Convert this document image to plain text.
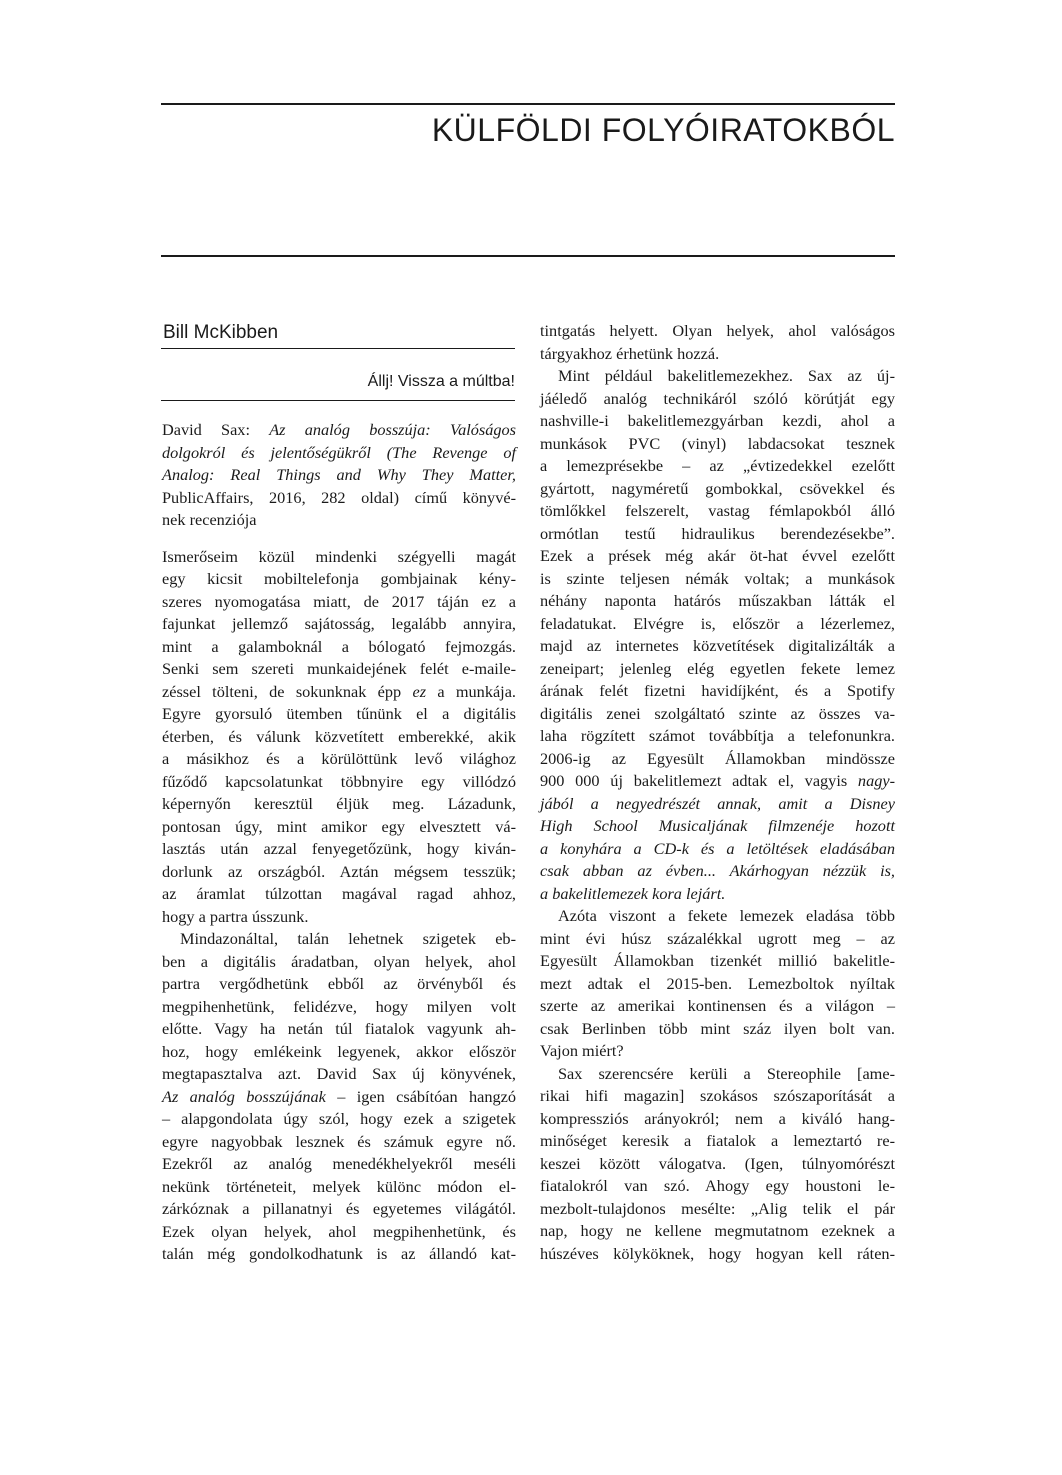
KÜLFÖLDI FOLYÓIRATOKBÓL
Bill McKibben
Állj! Vissza a múltba!
David Sax: Az analóg bosszúja: Valóságos
dolgokról és jelentőségükről (The Revenge of
Analog: Real Things and Why They Matter,
PublicAffairs, 2016, 282 oldal) című könyvé-
nek recenziója
Ismerőseim közül mindenki szégyelli magát
egy kicsit mobiltelefonja gombjainak kény-
szeres nyomogatása miatt, de 2017 táján ez a
fajunkat jellemző sajátosság, legalább annyira,
mint a galamboknál a bólogató fejmozgás.
Senki sem szereti munkaidejének felét e-maile-
zéssel tölteni, de sokunknak épp ez a munkája.
Egyre gyorsuló ütemben tűnünk el a digitális
éterben, és válunk közvetített emberekké, akik
a másikhoz és a körülöttünk levő világhoz
fűződő kapcsolatunkat többnyire egy villódzó
képernyőn keresztül éljük meg. Lázadunk,
pontosan úgy, mint amikor egy elvesztett vá-
lasztás után azzal fenyegetőzünk, hogy kiván-
dorlunk az országból. Aztán mégsem tesszük;
az áramlat túlzottan magával ragad ahhoz,
hogy a partra ússzunk.
Mindazonáltal, talán lehetnek szigetek eb-
ben a digitális áradatban, olyan helyek, ahol
partra vergődhetünk ebből az örvényből és
megpihenhetünk, felidézve, hogy milyen volt
előtte. Vagy ha netán túl fiatalok vagyunk ah-
hoz, hogy emlékeink legyenek, akkor először
megtapasztalva azt. David Sax új könyvének,
Az analóg bosszújának – igen csábítóan hangzó
– alapgondolata úgy szól, hogy ezek a szigetek
egyre nagyobbak lesznek és számuk egyre nő.
Ezekről az analóg menedékhelyekről meséli
nekünk történeteit, melyek különc módon el-
zárkóznak a pillanatnyi és egyetemes világától.
Ezek olyan helyek, ahol megpihenhetünk, és
talán még gondolkodhatunk is az állandó kat-
tintgatás helyett. Olyan helyek, ahol valóságos
tárgyakhoz érhetünk hozzá.
Mint például bakelitlemezekhez. Sax az új-
jáéledő analóg technikáról szóló körútját egy
nashville-i bakelitlemezgyárban kezdi, ahol a
munkások PVC (vinyl) labdacsokat tesznek
a lemezprésekbe – az „évtizedekkel ezelőtt
gyártott, nagyméretű gombokkal, csövekkel és
tömlőkkel felszerelt, vastag fémlapokból álló
ormótlan testű hidraulikus berendezésekbe”.
Ezek a prések még akár öt-hat évvel ezelőtt
is szinte teljesen némák voltak; a munkások
néhány naponta határós műszakban látták el
feladatukat. Elvégre is, először a lézerlemez,
majd az internetes közvetítések digitalizálták a
zeneipart; jelenleg elég egyetlen fekete lemez
árának felét fizetni havidíjként, és a Spotify
digitális zenei szolgáltató szinte az összes va-
laha rögzített számot továbbítja a telefonunkra.
2006-ig az Egyesült Államokban mindössze
900 000 új bakelitlemezt adtak el, vagyis nagy-
jából a negyedrészét annak, amit a Disney
High School Musicaljának filmzenéje hozott
a konyhára a CD-k és a letöltések eladásában
csak abban az évben... Akárhogyan nézzük is,
a bakelitlemezek kora lejárt.
Azóta viszont a fekete lemezek eladása több
mint évi húsz százalékkal ugrott meg – az
Egyesült Államokban tizenkét millió bakelitle-
mezt adtak el 2015-ben. Lemezboltok nyíltak
szerte az amerikai kontinensen és a világon –
csak Berlinben több mint száz ilyen bolt van.
Vajon miért?
Sax szerencsére kerüli a Stereophile [ame-
rikai hifi magazin] szokásos szószaporítását a
kompressziós arányokról; nem a kiváló hang-
minőséget keresik a fiatalok a lemeztartó re-
keszei között válogatva. (Igen, túlnyomórészt
fiatalokról van szó. Ahogy egy houstoni le-
mezbolt-tulajdonos mesélte: „Alig telik el pár
nap, hogy ne kellene megmutatnom ezeknek a
húszéves kölyköknek, hogy hogyan kell ráten-
